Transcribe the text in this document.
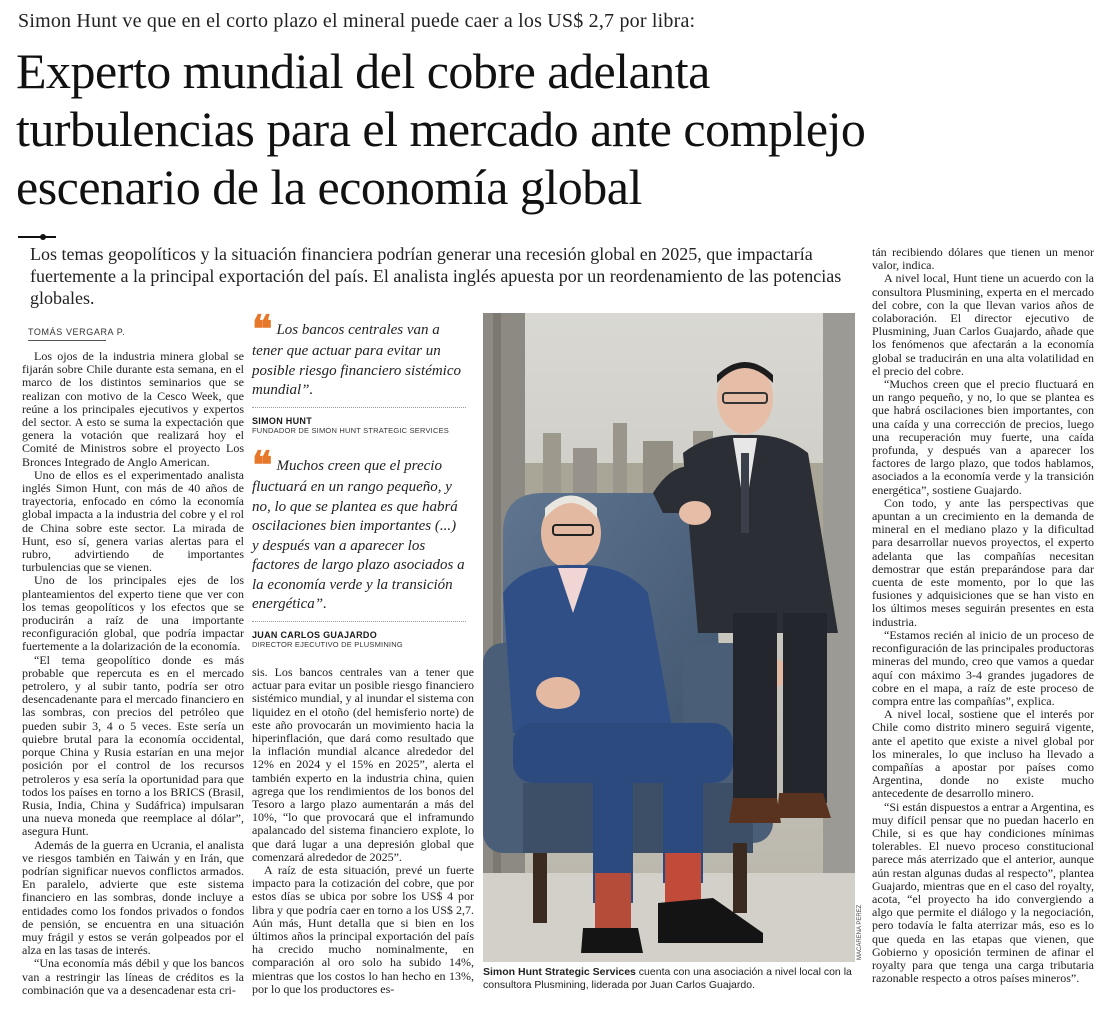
Simon Hunt ve que en el corto plazo el mineral puede caer a los US$ 2,7 por libra:
Experto mundial del cobre adelanta
turbulencias para el mercado ante complejo
escenario de la economía global
Los temas geopolíticos y la situación financiera podrían generar una recesión global en 2025, que impactaría fuertemente a la principal exportación del país. El analista inglés apuesta por un reordenamiento de las potencias globales.
TOMÁS VERGARA P.

Los ojos de la industria minera global se fijarán sobre Chile durante esta semana, en el marco de los distintos seminarios que se realizan con motivo de la Cesco Week, que reúne a los principales ejecutivos y expertos del sector. A esto se suma la expectación que genera la votación que realizará hoy el Comité de Ministros sobre el proyecto Los Bronces Integrado de Anglo American.

Uno de ellos es el experimentado analista inglés Simon Hunt, con más de 40 años de trayectoria, enfocado en cómo la economía global impacta a la industria del cobre y el rol de China sobre este sector. La mirada de Hunt, eso sí, genera varias alertas para el rubro, advirtiendo de importantes turbulencias que se vienen.

Uno de los principales ejes de los planteamientos del experto tiene que ver con los temas geopolíticos y los efectos que se producirán a raíz de una importante reconfiguración global, que podría impactar fuertemente a la dolarización de la economía.

“El tema geopolítico donde es más probable que repercuta es en el mercado petrolero, y al subir tanto, podría ser otro desencadenante para el mercado financiero en las sombras, con precios del petróleo que pueden subir 3, 4 o 5 veces. Este sería un quiebre brutal para la economía occidental, porque China y Rusia estarían en una mejor posición por el control de los recursos petroleros y esa sería la oportunidad para que todos los países en torno a los BRICS (Brasil, Rusia, India, China y Sudáfrica) impulsaran una nueva moneda que reemplace al dólar”, asegura Hunt.

Además de la guerra en Ucrania, el analista ve riesgos también en Taiwán y en Irán, que podrían significar nuevos conflictos armados. En paralelo, advierte que este sistema financiero en las sombras, donde incluye a entidades como los fondos privados o fondos de pensión, se encuentra en una situación muy frágil y estos se verán golpeados por el alza en las tasas de interés.

“Una economía más débil y que los bancos van a restringir las líneas de créditos es la combinación que va a desencadenar esta cri-

❝ Los bancos centrales van a tener que actuar para evitar un posible riesgo financiero sistémico mundial”.
SIMON HUNT
FUNDADOR DE SIMON HUNT STRATEGIC SERVICES
❝ Muchos creen que el precio fluctuará en un rango pequeño, y no, lo que se plantea es que habrá oscilaciones bien importantes (...) y después van a aparecer los factores de largo plazo asociados a la economía verde y la transición energética”.
JUAN CARLOS GUAJARDO
DIRECTOR EJECUTIVO DE PLUSMINING

sis. Los bancos centrales van a tener que actuar para evitar un posible riesgo financiero sistémico mundial, y al inundar el sistema con liquidez en el otoño (del hemisferio norte) de este año provocarán un movimiento hacia la hiperinflación, que dará como resultado que la inflación mundial alcance alrededor del 12% en 2024 y el 15% en 2025”, alerta el también experto en la industria china, quien agrega que los rendimientos de los bonos del Tesoro a largo plazo aumentarán a más del 10%, “lo que provocará que el inframundo apalancado del sistema financiero explote, lo que dará lugar a una depresión global que comenzará alrededor de 2025”.

A raíz de esta situación, prevé un fuerte impacto para la cotización del cobre, que por estos días se ubica por sobre los US$ 4 por libra y que podría caer en torno a los US$ 2,7. Aún más, Hunt detalla que si bien en los últimos años la principal exportación del país ha crecido mucho nominalmente, en comparación al oro solo ha subido 14%, mientras que los costos lo han hecho en 13%, por lo que los productores es-

MACARENA PEREZ
Simon Hunt Strategic Services cuenta con una asociación a nivel local con la consultora Plusmining, liderada por Juan Carlos Guajardo.

tán recibiendo dólares que tienen un menor valor, indica.

A nivel local, Hunt tiene un acuerdo con la consultora Plusmining, experta en el mercado del cobre, con la que llevan varios años de colaboración. El director ejecutivo de Plusmining, Juan Carlos Guajardo, añade que los fenómenos que afectarán a la economía global se traducirán en una alta volatilidad en el precio del cobre.

“Muchos creen que el precio fluctuará en un rango pequeño, y no, lo que se plantea es que habrá oscilaciones bien importantes, con una caída y una corrección de precios, luego una recuperación muy fuerte, una caída profunda, y después van a aparecer los factores de largo plazo, que todos hablamos, asociados a la economía verde y la transición energética”, sostiene Guajardo.

Con todo, y ante las perspectivas que apuntan a un crecimiento en la demanda de mineral en el mediano plazo y la dificultad para desarrollar nuevos proyectos, el experto adelanta que las compañías necesitan demostrar que están preparándose para dar cuenta de este momento, por lo que las fusiones y adquisiciones que se han visto en los últimos meses seguirán presentes en esta industria.

“Estamos recién al inicio de un proceso de reconfiguración de las principales productoras mineras del mundo, creo que vamos a quedar aquí con máximo 3-4 grandes jugadores de cobre en el mapa, a raíz de este proceso de compra entre las compañías”, explica.

A nivel local, sostiene que el interés por Chile como distrito minero seguirá vigente, ante el apetito que existe a nivel global por los minerales, lo que incluso ha llevado a compañías a apostar por países como Argentina, donde no existe mucho antecedente de desarrollo minero.

“Si están dispuestos a entrar a Argentina, es muy difícil pensar que no puedan hacerlo en Chile, si es que hay condiciones mínimas tolerables. El nuevo proceso constitucional parece más aterrizado que el anterior, aunque aún restan algunas dudas al respecto”, plantea Guajardo, mientras que en el caso del royalty, acota, “el proyecto ha ido convergiendo a algo que permite el diálogo y la negociación, pero todavía le falta aterrizar más, eso es lo que queda en las etapas que vienen, que Gobierno y oposición terminen de afinar el royalty para que tenga una carga tributaria razonable respecto a otros países mineros”.
